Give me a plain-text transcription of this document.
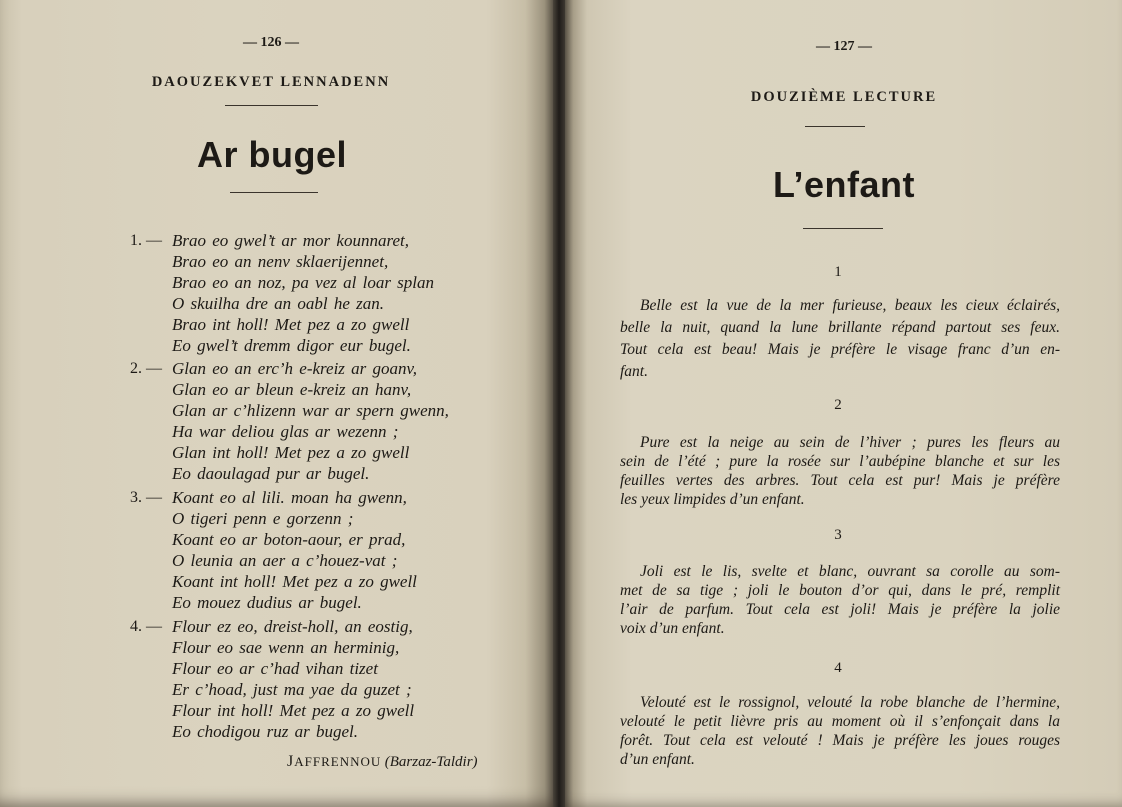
— 126 —
DAOUZEKVET LENNADENN
Ar bugel
1. — Brao eo gwel’t ar mor kounnaret,
Brao eo an nenv sklaerijennet,
Brao eo an noz, pa vez al loar splan
O skuilha dre an oabl he zan.
Brao int holl! Met pez a zo gwell
Eo gwel’t dremm digor eur bugel.
2. — Glan eo an erc’h e-kreiz ar goanv,
Glan eo ar bleun e-kreiz an hanv,
Glan ar c’hlizenn war ar spern gwenn,
Ha war deliou glas ar wezenn ;
Glan int holl! Met pez a zo gwell
Eo daoulagad pur ar bugel.
3. — Koant eo al lili. moan ha gwenn,
O tigeri penn e gorzenn ;
Koant eo ar boton-aour, er prad,
O leunia an aer a c’houez-vat ;
Koant int holl! Met pez a zo gwell
Eo mouez dudius ar bugel.
4. — Flour ez eo, dreist-holl, an eostig,
Flour eo sae wenn an herminig,
Flour eo ar c’had vihan tizet
Er c’hoad, just ma yae da guzet ;
Flour int holl! Met pez a zo gwell
Eo chodigou ruz ar bugel.
JAFFRENNOU (Barzaz-Taldir)
— 127 —
DOUZIÈME LECTURE
L’enfant
1
Belle est la vue de la mer furieuse, beaux les cieux éclairés,
belle la nuit, quand la lune brillante répand partout ses feux.
Tout cela est beau! Mais je préfère le visage franc d’un en-
fant.
2
Pure est la neige au sein de l’hiver ; pures les fleurs au
sein de l’été ; pure la rosée sur l’aubépine blanche et sur les
feuilles vertes des arbres. Tout cela est pur! Mais je préfère
les yeux limpides d’un enfant.
3
Joli est le lis, svelte et blanc, ouvrant sa corolle au som-
met de sa tige ; joli le bouton d’or qui, dans le pré, remplit
l’air de parfum. Tout cela est joli! Mais je préfère la jolie
voix d’un enfant.
4
Velouté est le rossignol, velouté la robe blanche de l’hermine,
velouté le petit lièvre pris au moment où il s’enfonçait dans la
forêt. Tout cela est velouté ! Mais je préfère les joues rouges
d’un enfant.
